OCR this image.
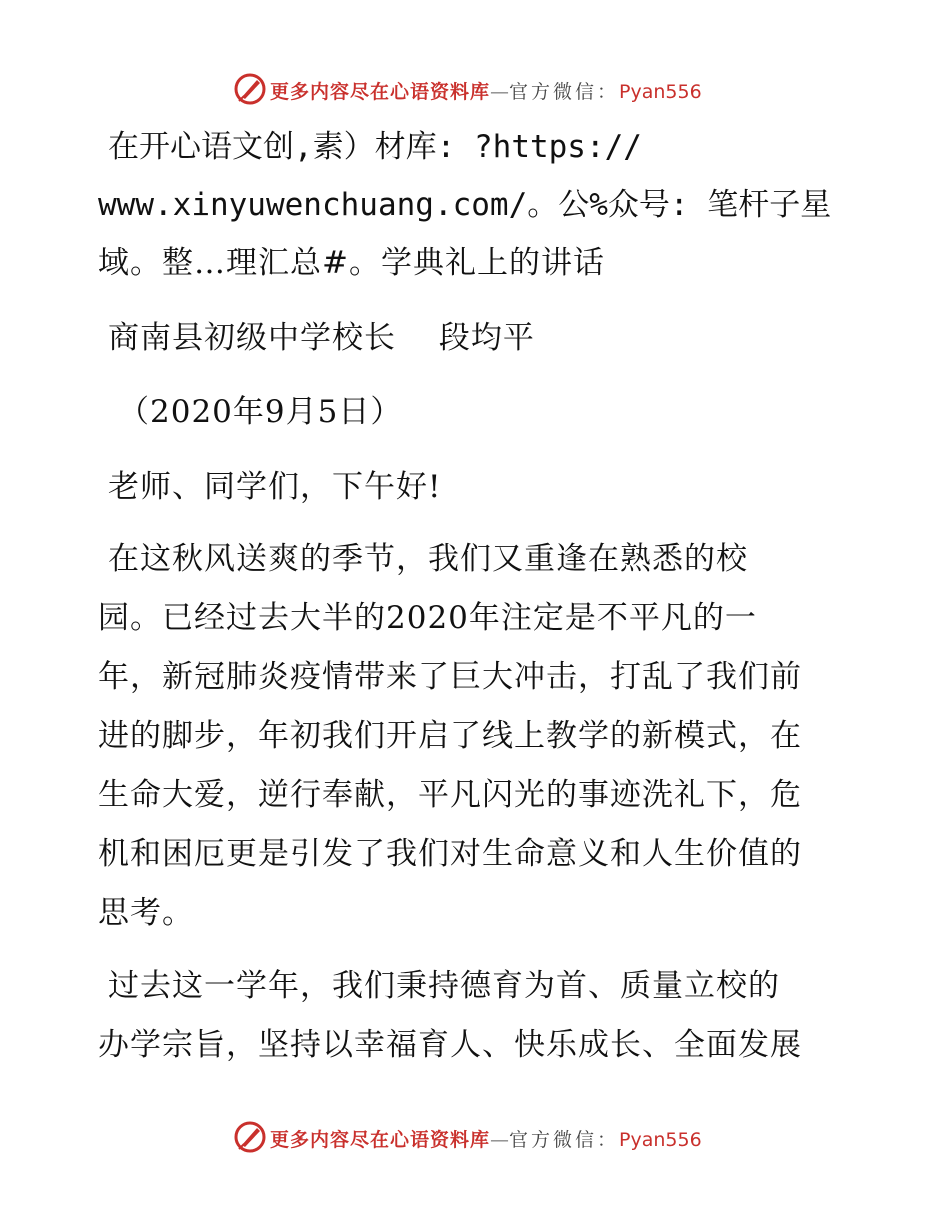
更多内容尽在心语资料库—官方微信：Pyan556
在开心语文创,素）材库: ?https://
www.xinyuwenchuang.com/。公%众号: 笔杆子星
域。整…理汇总#。学典礼上的讲话
商南县初级中学校长　 段均平
（2020年9月5日）
老师、同学们，下午好!
在这秋风送爽的季节，我们又重逢在熟悉的校
园。已经过去大半的2020年注定是不平凡的一
年，新冠肺炎疫情带来了巨大冲击，打乱了我们前
进的脚步，年初我们开启了线上教学的新模式，在
生命大爱，逆行奉献，平凡闪光的事迹洗礼下，危
机和困厄更是引发了我们对生命意义和人生价值的
思考。
过去这一学年，我们秉持德育为首、质量立校的
办学宗旨，坚持以幸福育人、快乐成长、全面发展
更多内容尽在心语资料库—官方微信：Pyan556
